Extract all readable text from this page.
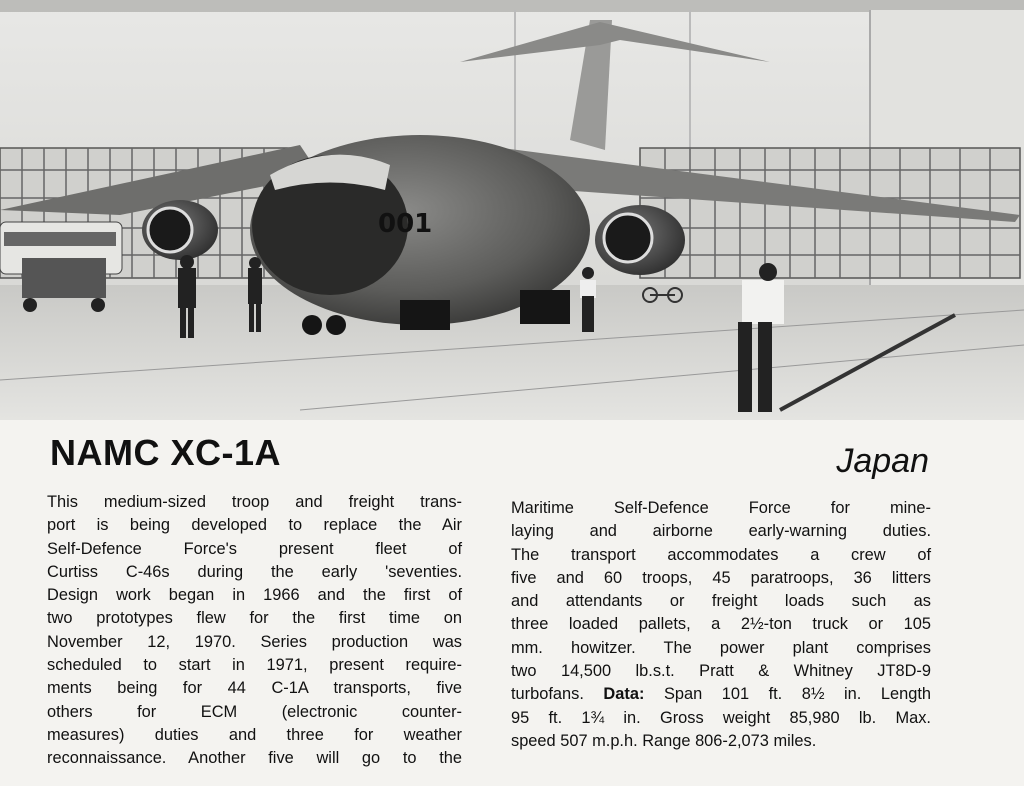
001
NAMC XC-1A	Japan
This medium-sized troop and freight trans-
port is being developed to replace the Air
Self-Defence Force's present fleet of
Curtiss C-46s during the early 'seventies.
Design work began in 1966 and the first of
two prototypes flew for the first time on
November 12, 1970. Series production was
scheduled to start in 1971, present require-
ments being for 44 C-1A transports, five
others for ECM (electronic counter-
measures) duties and three for weather
reconnaissance. Another five will go to the
Maritime Self-Defence Force for mine-
laying and airborne early-warning duties.
The transport accommodates a crew of
five and 60 troops, 45 paratroops, 36 litters
and attendants or freight loads such as
three loaded pallets, a 2½-ton truck or 105
mm. howitzer. The power plant comprises
two 14,500 lb.s.t. Pratt & Whitney JT8D-9
turbofans. Data: Span 101 ft. 8½ in. Length
95 ft. 1¾ in. Gross weight 85,980 lb. Max.
speed 507 m.p.h. Range 806-2,073 miles.
